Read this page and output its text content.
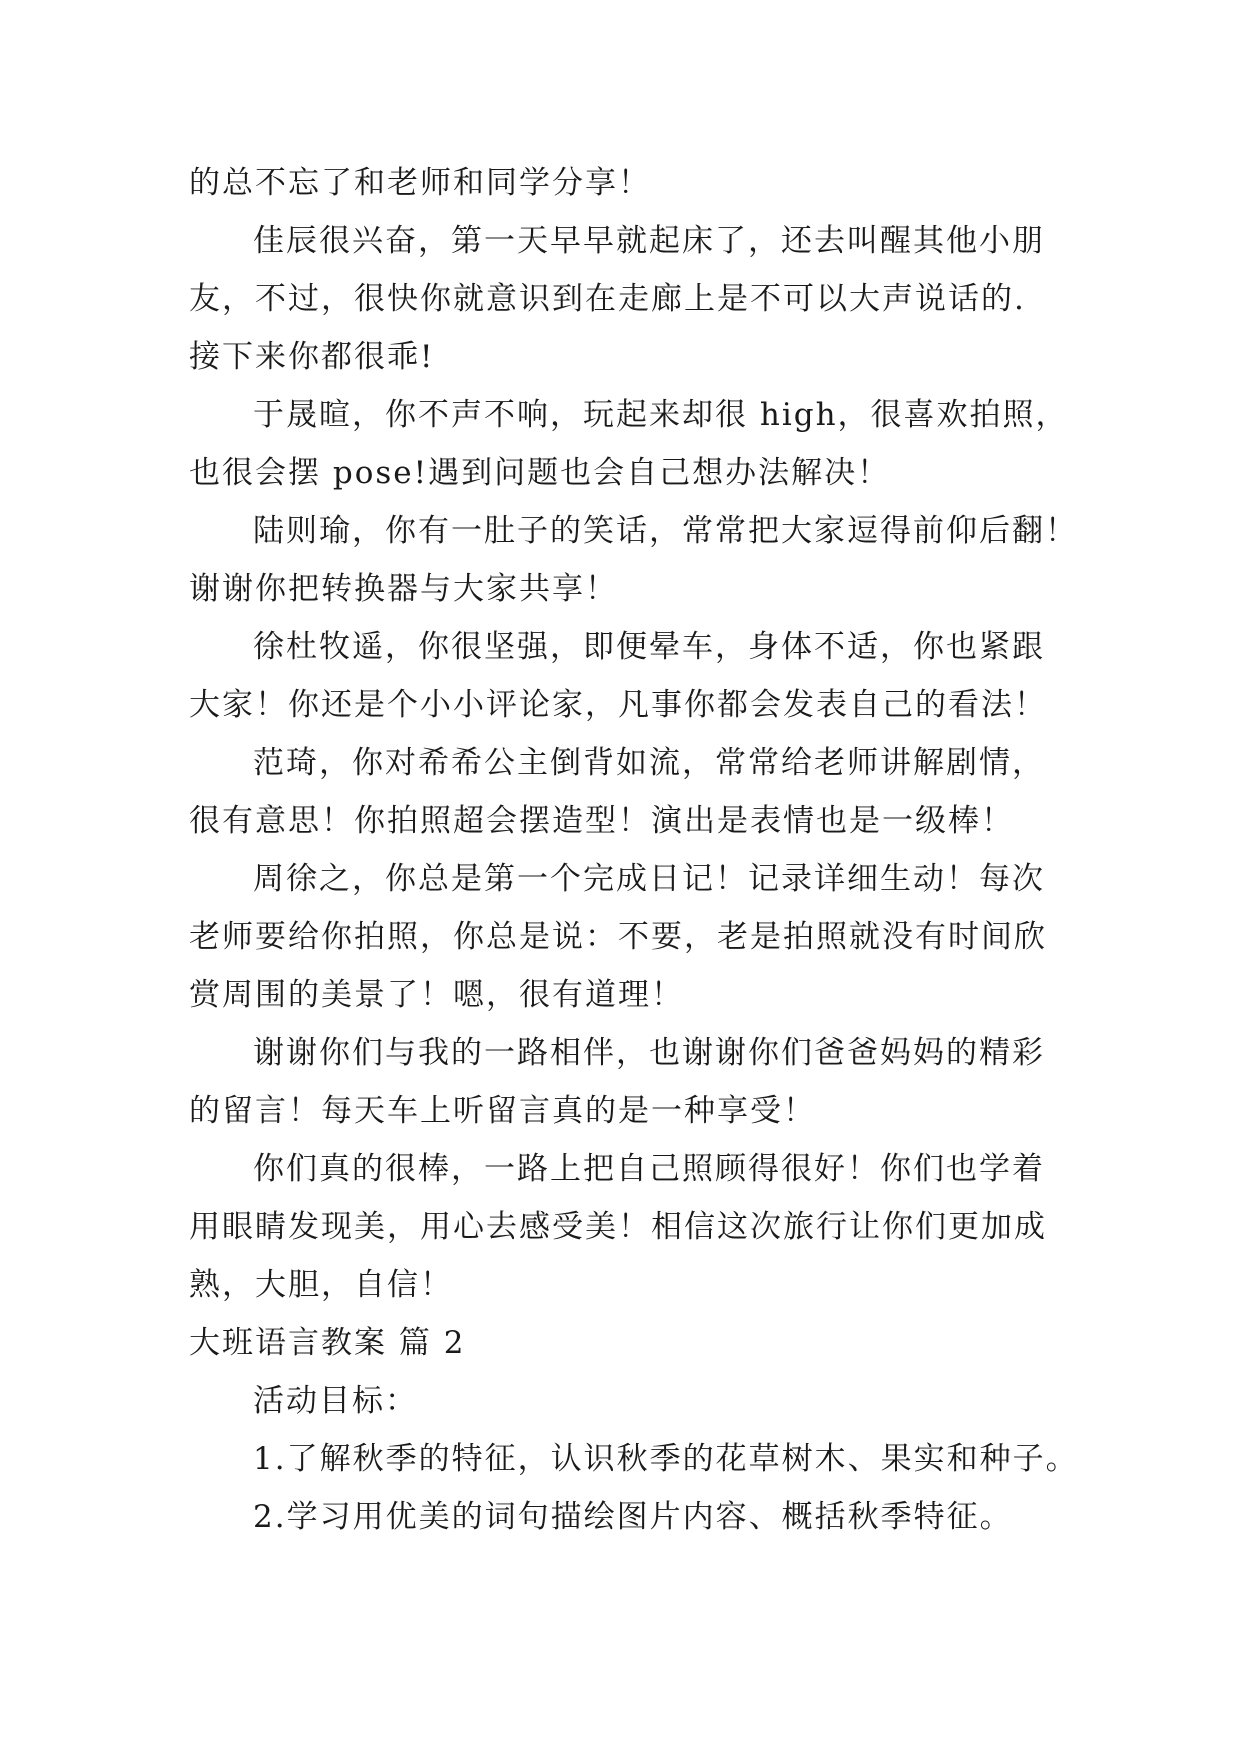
的总不忘了和老师和同学分享！
佳辰很兴奋，第一天早早就起床了，还去叫醒其他小朋
友，不过，很快你就意识到在走廊上是不可以大声说话的.
接下来你都很乖!
于晟暄，你不声不响，玩起来却很 high，很喜欢拍照，
也很会摆 pose!遇到问题也会自己想办法解决！
陆则瑜，你有一肚子的笑话，常常把大家逗得前仰后翻！
谢谢你把转换器与大家共享！
徐杜牧遥，你很坚强，即便晕车，身体不适，你也紧跟
大家！你还是个小小评论家，凡事你都会发表自己的看法！
范琦，你对希希公主倒背如流，常常给老师讲解剧情，
很有意思！你拍照超会摆造型！演出是表情也是一级棒！
周徐之，你总是第一个完成日记！记录详细生动！每次
老师要给你拍照，你总是说：不要，老是拍照就没有时间欣
赏周围的美景了！嗯，很有道理！
谢谢你们与我的一路相伴，也谢谢你们爸爸妈妈的精彩
的留言！每天车上听留言真的是一种享受！
你们真的很棒，一路上把自己照顾得很好！你们也学着
用眼睛发现美，用心去感受美！相信这次旅行让你们更加成
熟，大胆，自信！
大班语言教案 篇 2
活动目标：
1.了解秋季的特征，认识秋季的花草树木、果实和种子。
2.学习用优美的词句描绘图片内容、概括秋季特征。
